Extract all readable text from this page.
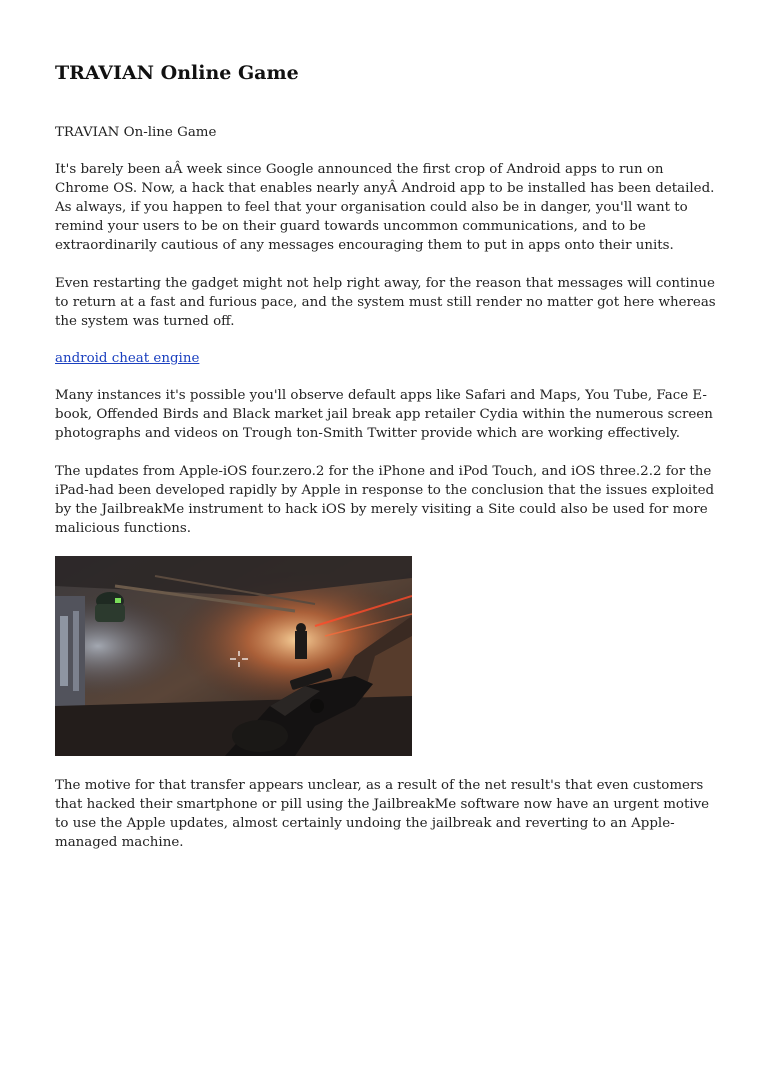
TRAVIAN Online Game

TRAVIAN On-line Game

It's barely been aÂ week since Google announced the first crop of Android apps to run on Chrome OS. Now, a hack that enables nearly anyÂ Android app to be installed has been detailed. As always, if you happen to feel that your organisation could also be in danger, you'll want to remind your users to be on their guard towards uncommon communications, and to be extraordinarily cautious of any messages encouraging them to put in apps onto their units.

Even restarting the gadget might not help right away, for the reason that messages will continue to return at a fast and furious pace, and the system must still render no matter got here whereas the system was turned off.

android cheat engine

Many instances it's possible you'll observe default apps like Safari and Maps, You Tube, Face E-book, Offended Birds and Black market jail break app retailer Cydia within the numerous screen photographs and videos on Trough ton-Smith Twitter provide which are working effectively.

The updates from Apple-iOS four.zero.2 for the iPhone and iPod Touch, and iOS three.2.2 for the iPad-had been developed rapidly by Apple in response to the conclusion that the issues exploited by the JailbreakMe instrument to hack iOS by merely visiting a Site could also be used for more malicious functions.

The motive for that transfer appears unclear, as a result of the net result's that even customers that hacked their smartphone or pill using the JailbreakMe software now have an urgent motive to use the Apple updates, almost certainly undoing the jailbreak and reverting to an Apple-managed machine.
